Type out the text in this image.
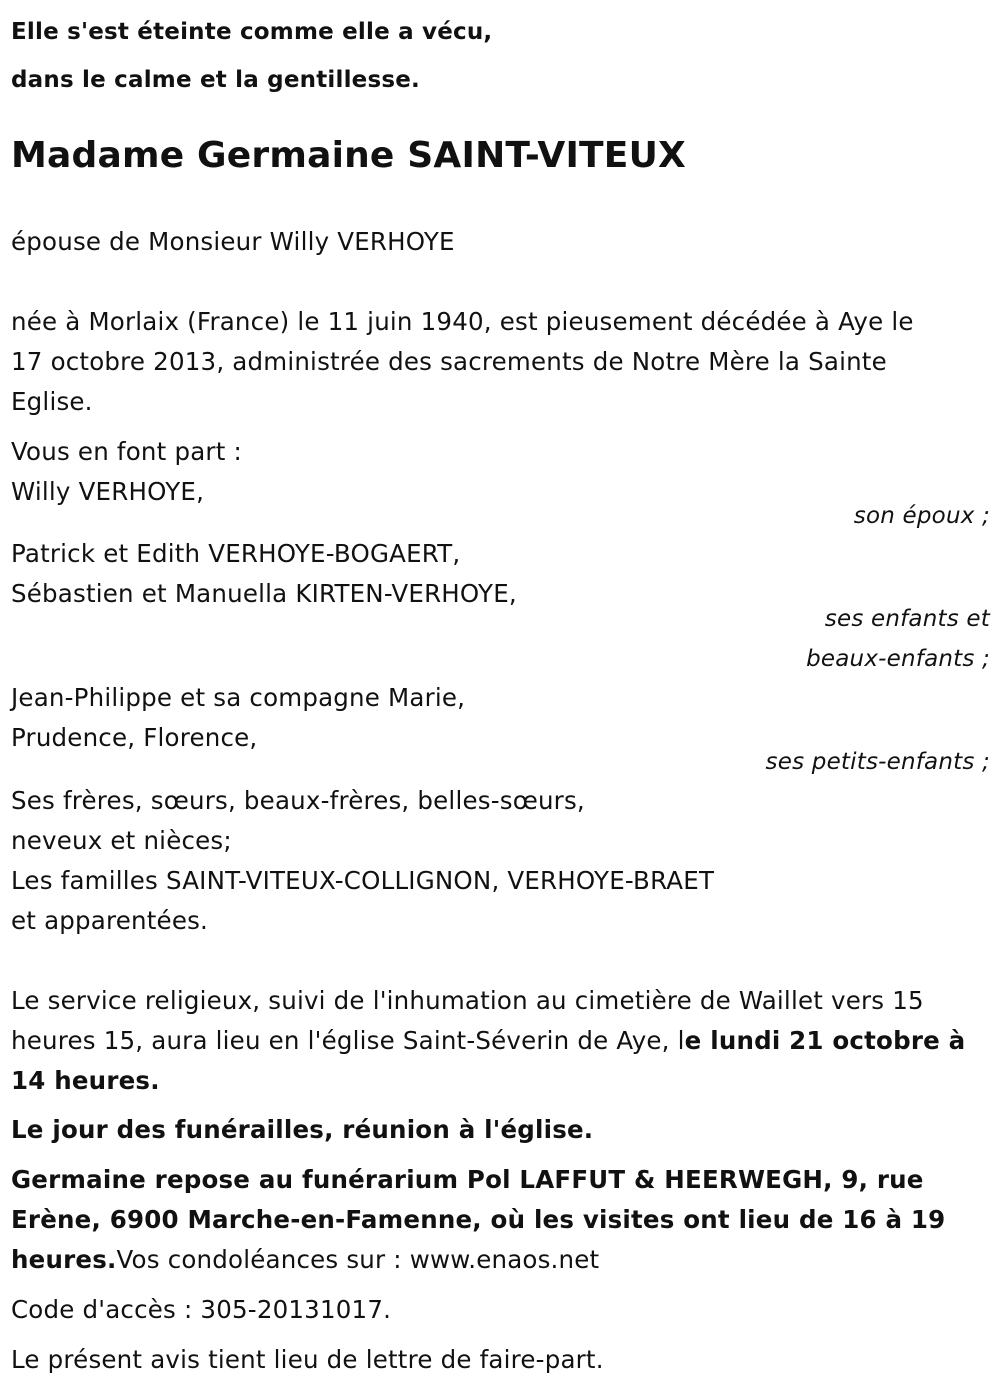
Elle s'est éteinte comme elle a vécu,
dans le calme et la gentillesse.
Madame Germaine SAINT-VITEUX
épouse de Monsieur Willy VERHOYE
née à Morlaix (France) le 11 juin 1940, est pieusement décédée à Aye le
17 octobre 2013, administrée des sacrements de Notre Mère la Sainte
Eglise.
Vous en font part :
Willy VERHOYE,
son époux ;
Patrick et Edith VERHOYE-BOGAERT,
Sébastien et Manuella KIRTEN-VERHOYE,
ses enfants et
beaux-enfants ;
Jean-Philippe et sa compagne Marie,
Prudence, Florence,
ses petits-enfants ;
Ses frères, sœurs, beaux-frères, belles-sœurs,
neveux et nièces;
Les familles SAINT-VITEUX-COLLIGNON, VERHOYE-BRAET
et apparentées.
Le service religieux, suivi de l'inhumation au cimetière de Waillet vers 15
heures 15, aura lieu en l'église Saint-Séverin de Aye, le lundi 21 octobre à
14 heures.
Le jour des funérailles, réunion à l'église.
Germaine repose au funérarium Pol LAFFUT & HEERWEGH, 9, rue
Erène, 6900 Marche-en-Famenne, où les visites ont lieu de 16 à 19
heures.Vos condoléances sur : www.enaos.net
Code d'accès : 305-20131017.
Le présent avis tient lieu de lettre de faire-part.
